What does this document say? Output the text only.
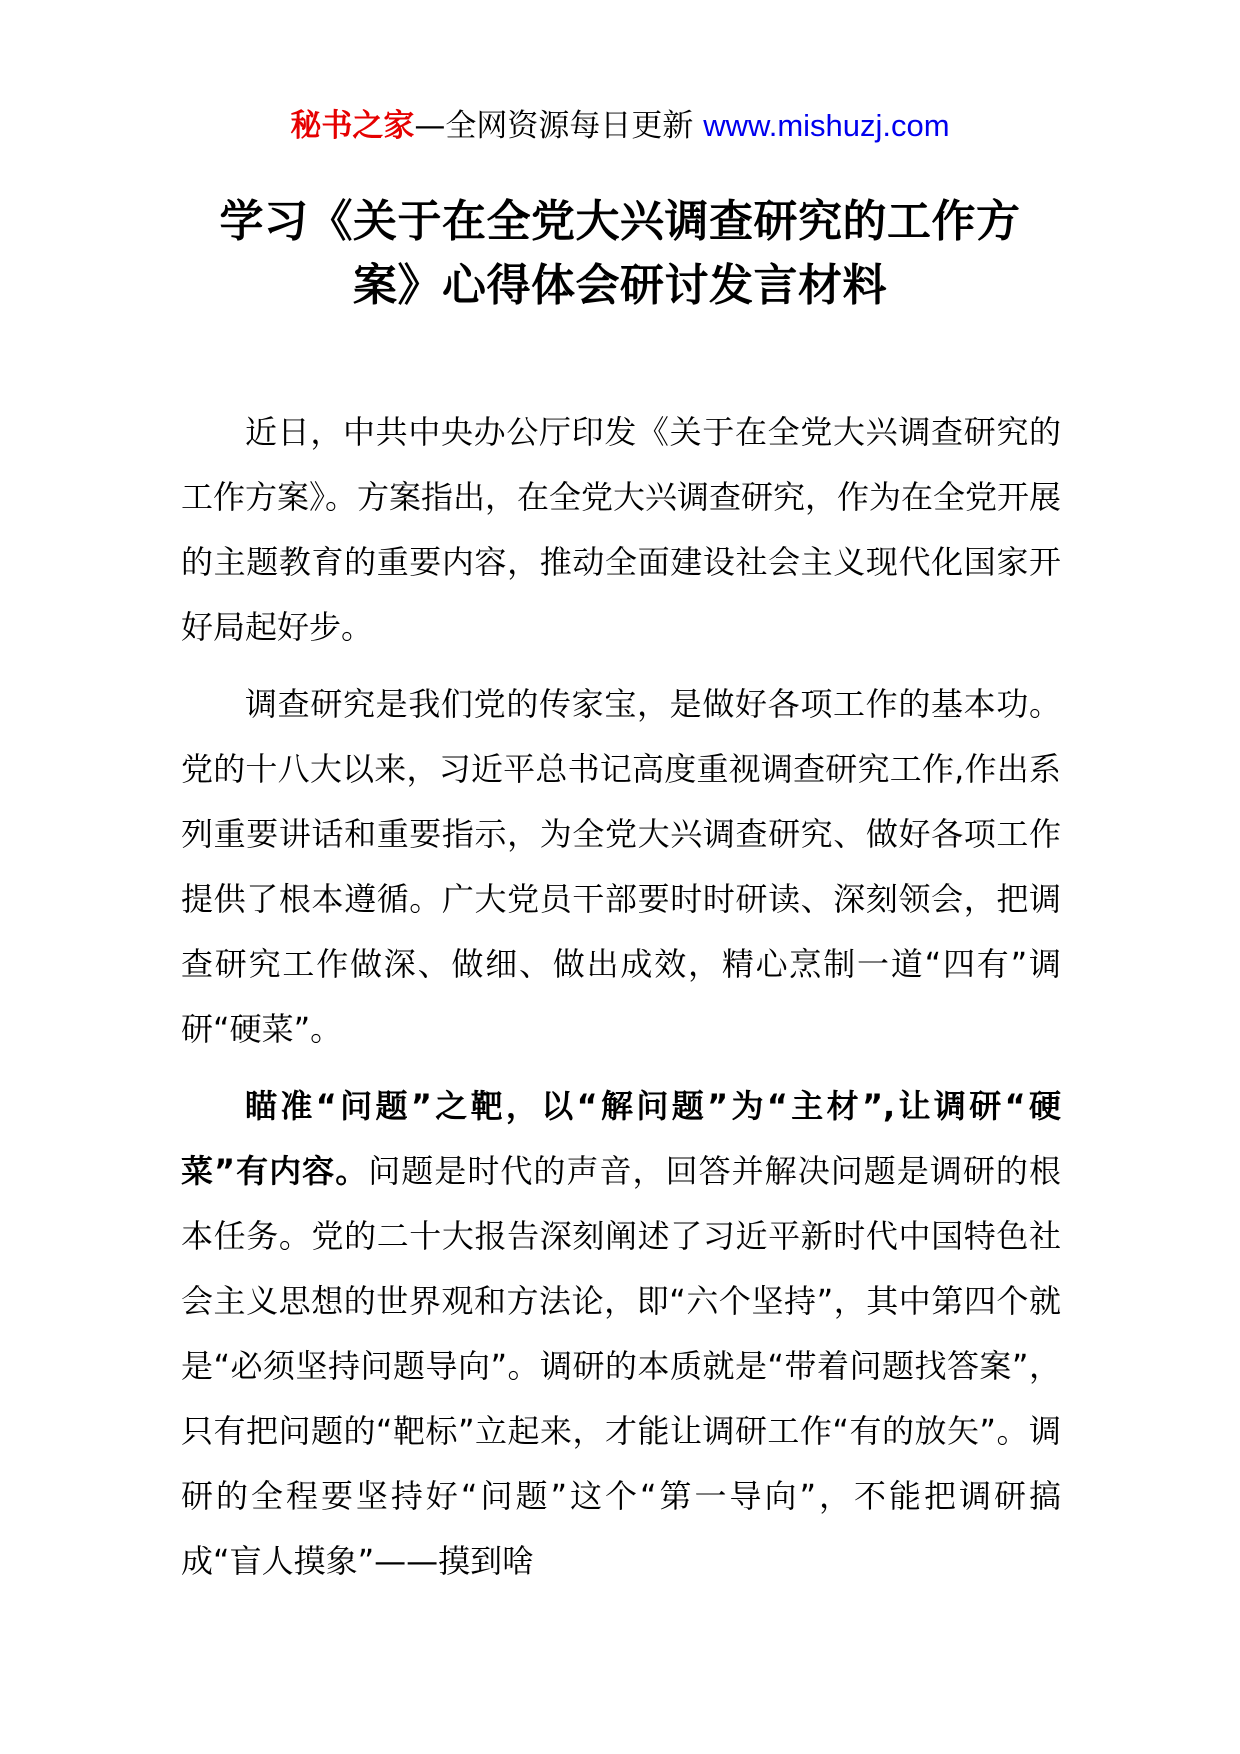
秘书之家—全网资源每日更新 www.mishuzj.com
学习《关于在全党大兴调查研究的工作方
案》心得体会研讨发言材料

近日，中共中央办公厅印发《关于在全党大兴调查研究的工作方案》。方案指出，在全党大兴调查研究，作为在全党开展的主题教育的重要内容，推动全面建设社会主义现代化国家开好局起好步。

调查研究是我们党的传家宝，是做好各项工作的基本功。党的十八大以来，习近平总书记高度重视调查研究工作,作出系列重要讲话和重要指示，为全党大兴调查研究、做好各项工作提供了根本遵循。广大党员干部要时时研读、深刻领会，把调查研究工作做深、做细、做出成效，精心烹制一道“四有”调研“硬菜”。

瞄准“问题”之靶，以“解问题”为“主材”,让调研“硬菜”有内容。问题是时代的声音，回答并解决问题是调研的根本任务。党的二十大报告深刻阐述了习近平新时代中国特色社会主义思想的世界观和方法论，即“六个坚持”，其中第四个就是“必须坚持问题导向”。调研的本质就是“带着问题找答案”，只有把问题的“靶标”立起来，才能让调研工作“有的放矢”。调研的全程要坚持好“问题”这个“第一导向”，不能把调研搞成“盲人摸象”——摸到啥
